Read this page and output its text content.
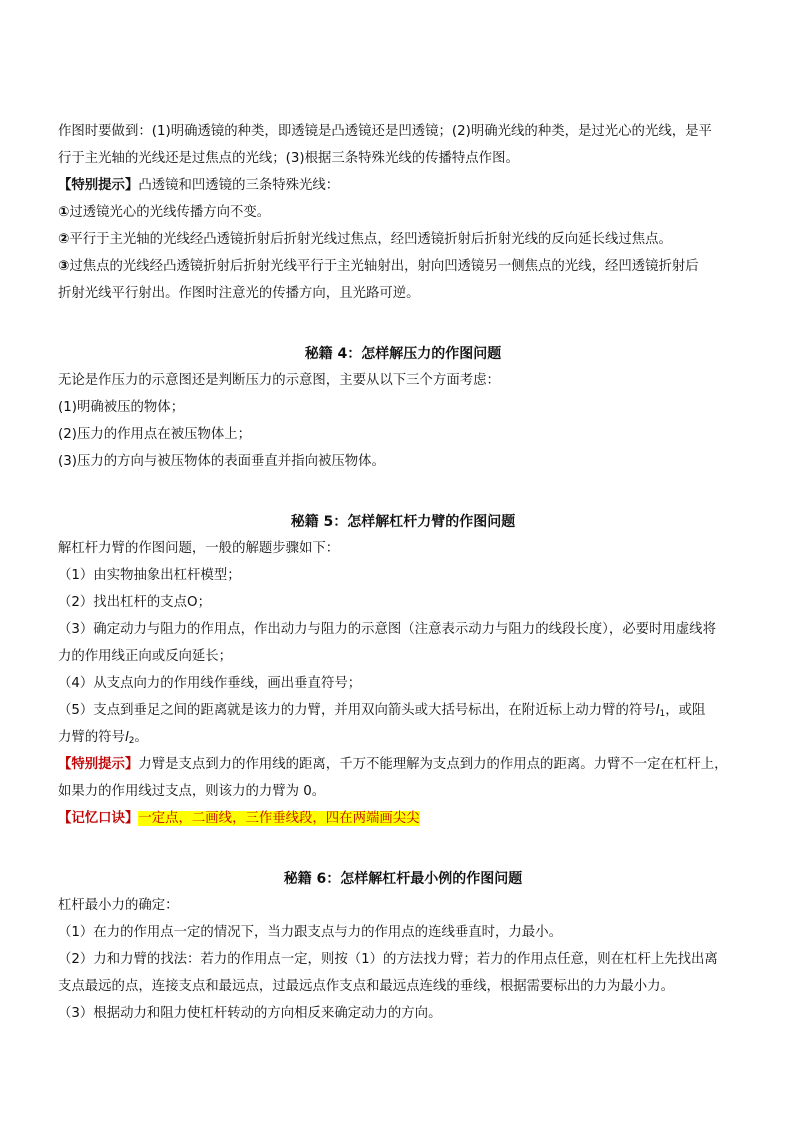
作图时要做到：(1)明确透镜的种类，即透镜是凸透镜还是凹透镜；(2)明确光线的种类，是过光心的光线，是平
行于主光轴的光线还是过焦点的光线；(3)根据三条特殊光线的传播特点作图。
【特别提示】凸透镜和凹透镜的三条特殊光线：
①过透镜光心的光线传播方向不变。
②平行于主光轴的光线经凸透镜折射后折射光线过焦点，经凹透镜折射后折射光线的反向延长线过焦点。
③过焦点的光线经凸透镜折射后折射光线平行于主光轴射出，射向凹透镜另一侧焦点的光线，经凹透镜折射后
折射光线平行射出。作图时注意光的传播方向，且光路可逆。
秘籍 4：怎样解压力的作图问题
无论是作压力的示意图还是判断压力的示意图，主要从以下三个方面考虑：
(1)明确被压的物体；
(2)压力的作用点在被压物体上；
(3)压力的方向与被压物体的表面垂直并指向被压物体。
秘籍 5：怎样解杠杆力臂的作图问题
解杠杆力臂的作图问题，一般的解题步骤如下：
（1）由实物抽象出杠杆模型；
（2）找出杠杆的支点O；
（3）确定动力与阻力的作用点，作出动力与阻力的示意图（注意表示动力与阻力的线段长度），必要时用虚线将
力的作用线正向或反向延长；
（4）从支点向力的作用线作垂线，画出垂直符号；
（5）支点到垂足之间的距离就是该力的力臂，并用双向箭头或大括号标出，在附近标上动力臂的符号$l_1$，或阻
力臂的符号$l_2$。
【特别提示】力臂是支点到力的作用线的距离，千万不能理解为支点到力的作用点的距离。力臂不一定在杠杆上，
如果力的作用线过支点，则该力的力臂为 0。
【记忆口诀】一定点，二画线，三作垂线段，四在两端画尖尖
秘籍 6：怎样解杠杆最小例的作图问题
杠杆最小力的确定：
（1）在力的作用点一定的情况下，当力跟支点与力的作用点的连线垂直时，力最小。
（2）力和力臂的找法：若力的作用点一定，则按（1）的方法找力臂；若力的作用点任意，则在杠杆上先找出离
支点最远的点，连接支点和最远点，过最远点作支点和最远点连线的垂线，根据需要标出的力为最小力。
（3）根据动力和阻力使杠杆转动的方向相反来确定动力的方向。
